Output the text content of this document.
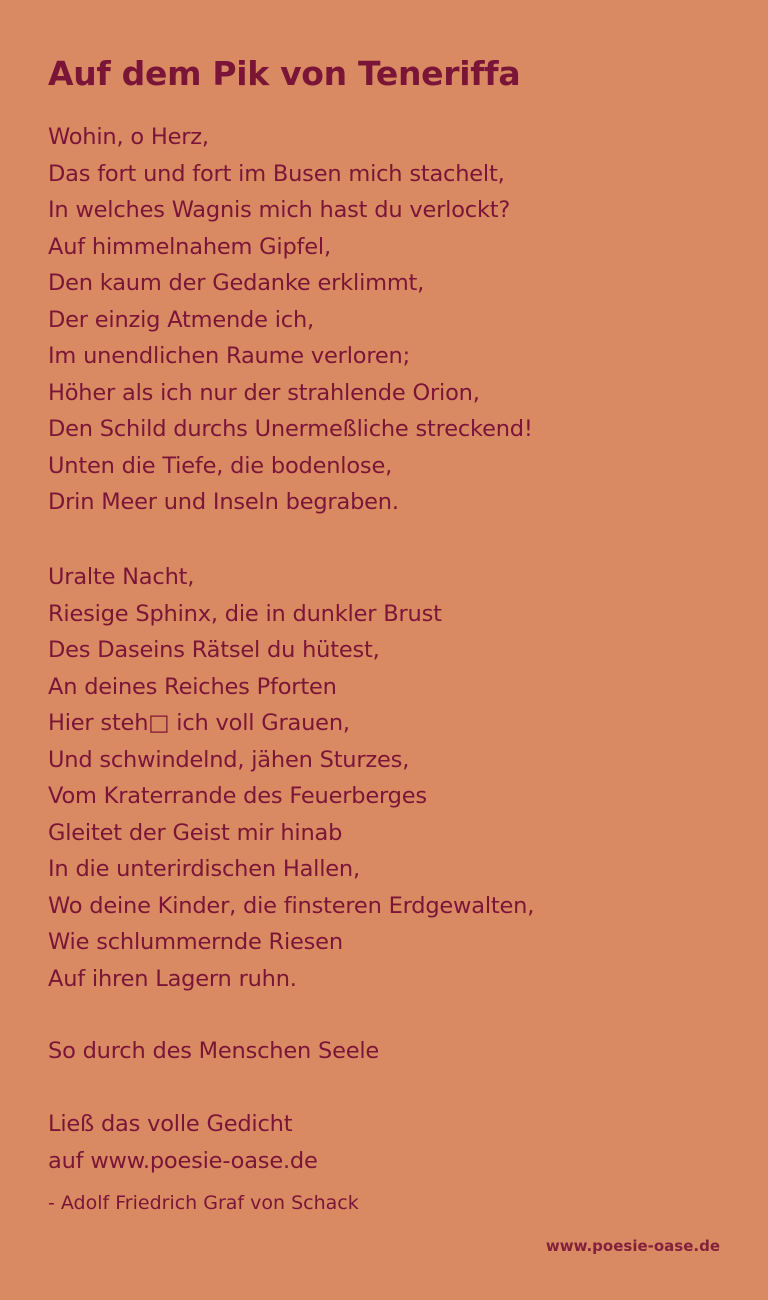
Auf dem Pik von Teneriffa
Wohin, o Herz,
Das fort und fort im Busen mich stachelt,
In welches Wagnis mich hast du verlockt?
Auf himmelnahem Gipfel,
Den kaum der Gedanke erklimmt,
Der einzig Atmende ich,
Im unendlichen Raume verloren;
Höher als ich nur der strahlende Orion,
Den Schild durchs Unermeßliche streckend!
Unten die Tiefe, die bodenlose,
Drin Meer und Inseln begraben.
Uralte Nacht,
Riesige Sphinx, die in dunkler Brust
Des Daseins Rätsel du hütest,
An deines Reiches Pforten
Hier steh□ ich voll Grauen,
Und schwindelnd, jähen Sturzes,
Vom Kraterrande des Feuerberges
Gleitet der Geist mir hinab
In die unterirdischen Hallen,
Wo deine Kinder, die finsteren Erdgewalten,
Wie schlummernde Riesen
Auf ihren Lagern ruhn.
So durch des Menschen Seele
Ließ das volle Gedicht
auf www.poesie-oase.de
- Adolf Friedrich Graf von Schack
www.poesie-oase.de
